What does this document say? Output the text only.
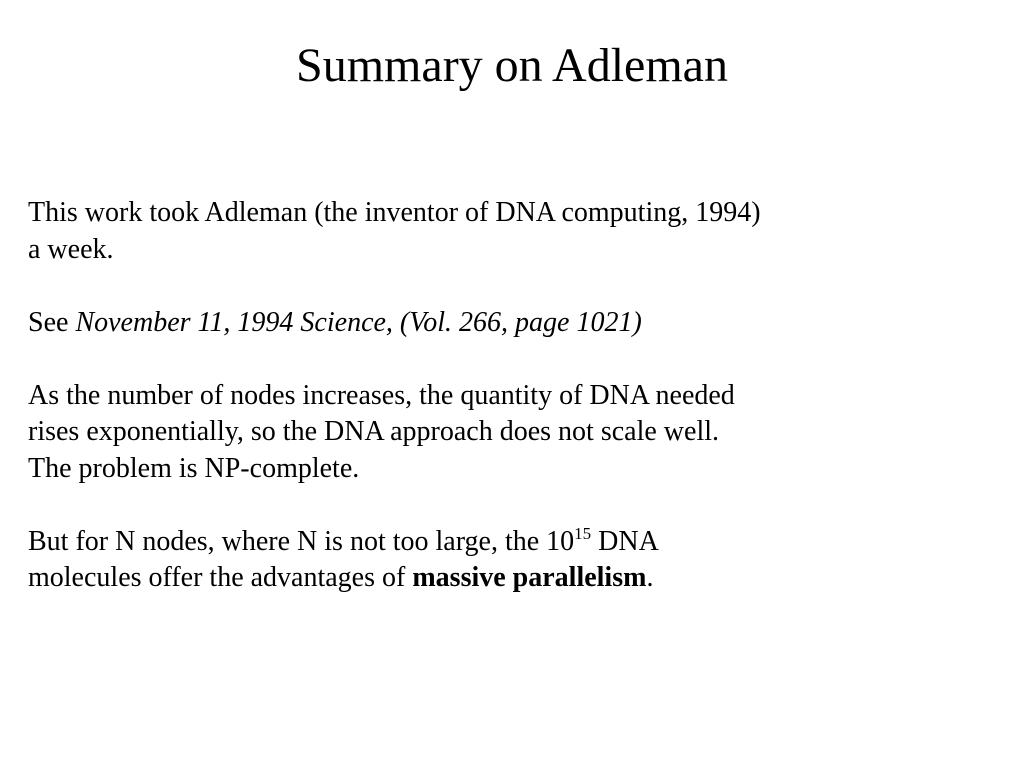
Summary on Adleman

This work took Adleman (the inventor of DNA computing, 1994)
a week.

See November 11, 1994 Science, (Vol. 266, page 1021)

As the number of nodes increases, the quantity of DNA needed
rises exponentially, so the DNA approach does not scale well.
The problem is NP-complete.

But for N nodes, where N is not too large, the $10^{15}$ DNA
molecules offer the advantages of massive parallelism.
